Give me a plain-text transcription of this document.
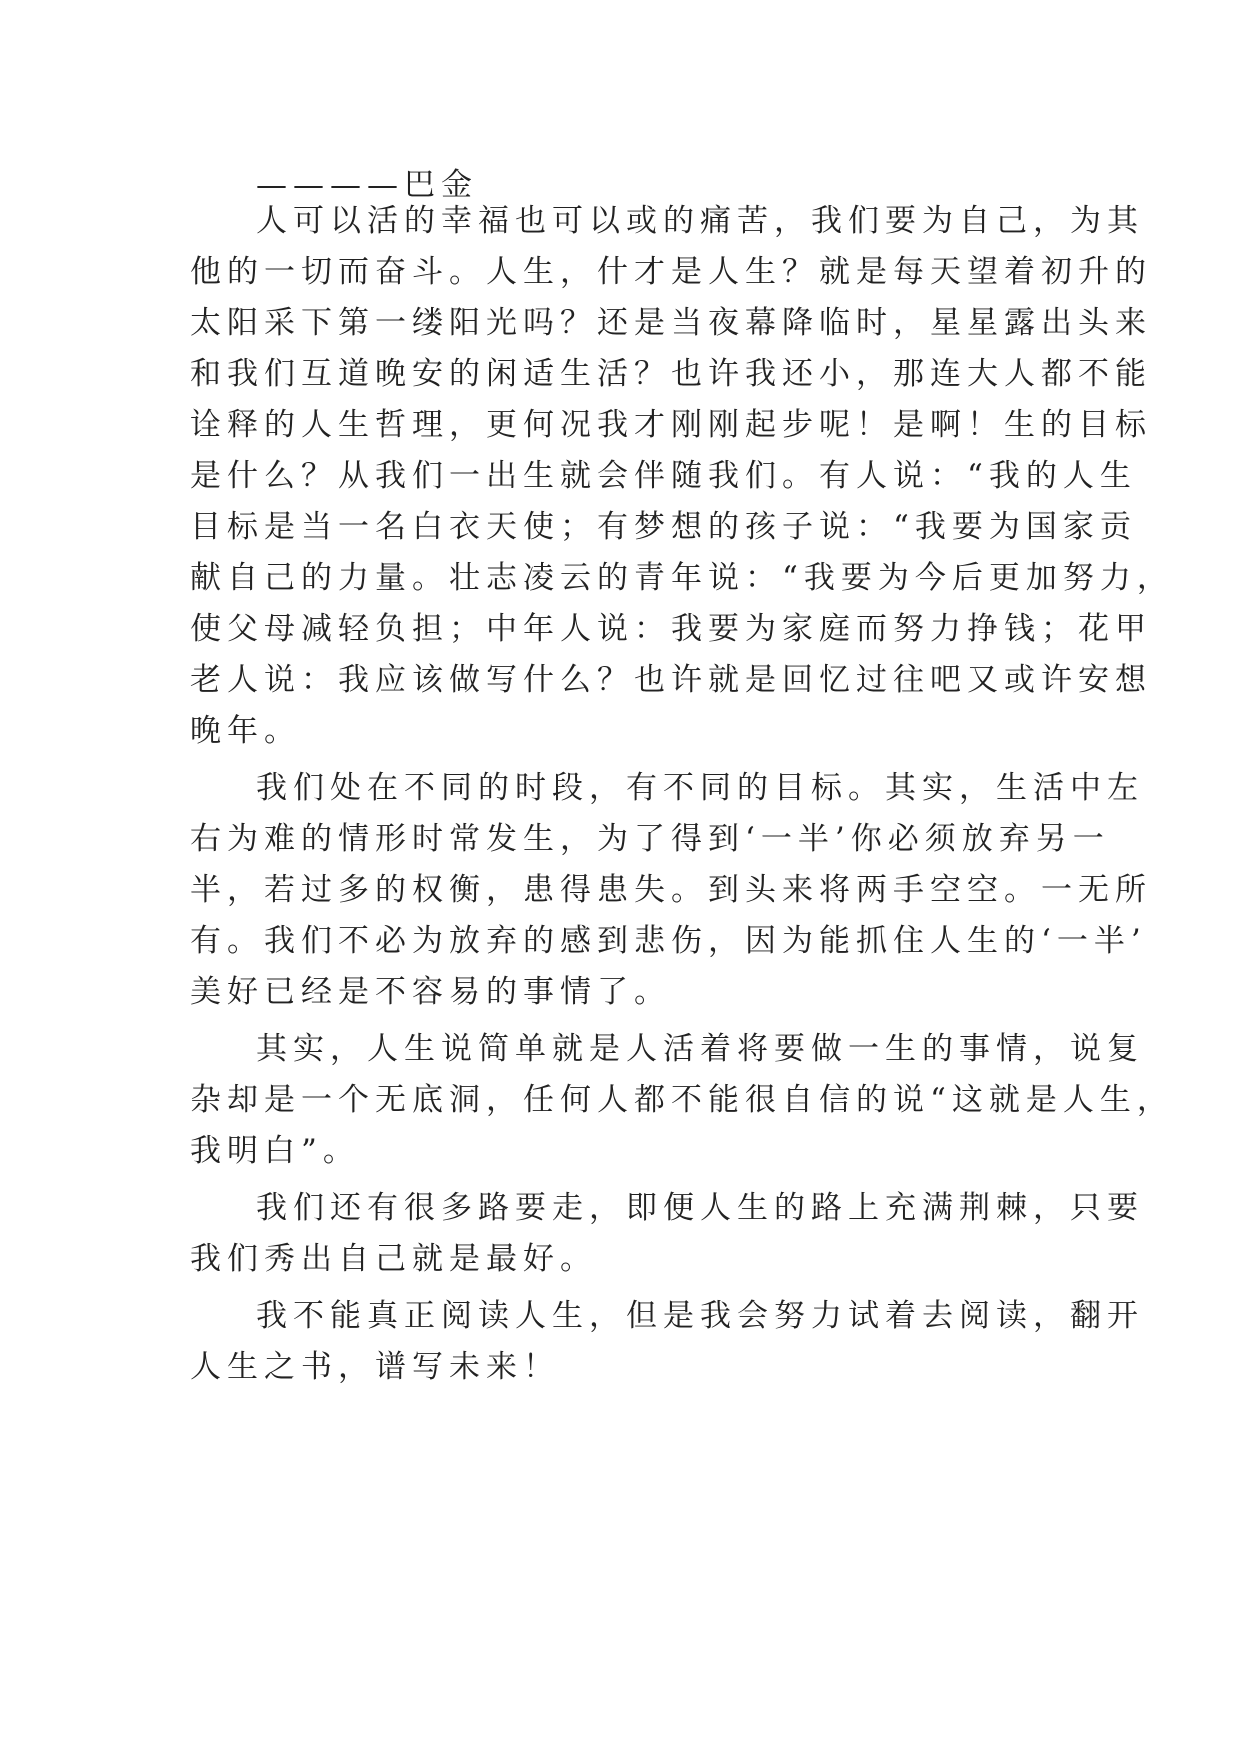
————巴金
人可以活的幸福也可以或的痛苦，我们要为自己，为其
他的一切而奋斗。人生，什才是人生？就是每天望着初升的
太阳采下第一缕阳光吗？还是当夜幕降临时，星星露出头来
和我们互道晚安的闲适生活？也许我还小，那连大人都不能
诠释的人生哲理，更何况我才刚刚起步呢！是啊！生的目标
是什么？从我们一出生就会伴随我们。有人说：“我的人生
目标是当一名白衣天使；有梦想的孩子说：“我要为国家贡
献自己的力量。壮志凌云的青年说：“我要为今后更加努力，
使父母减轻负担；中年人说：我要为家庭而努力挣钱；花甲
老人说：我应该做写什么？也许就是回忆过往吧又或许安想
晚年。
我们处在不同的时段，有不同的目标。其实，生活中左
右为难的情形时常发生，为了得到‘一半’你必须放弃另一
半，若过多的权衡，患得患失。到头来将两手空空。一无所
有。我们不必为放弃的感到悲伤，因为能抓住人生的‘一半’
美好已经是不容易的事情了。
其实，人生说简单就是人活着将要做一生的事情，说复
杂却是一个无底洞，任何人都不能很自信的说“这就是人生，
我明白”。
我们还有很多路要走，即便人生的路上充满荆棘，只要
我们秀出自己就是最好。
我不能真正阅读人生，但是我会努力试着去阅读，翻开
人生之书，谱写未来！
